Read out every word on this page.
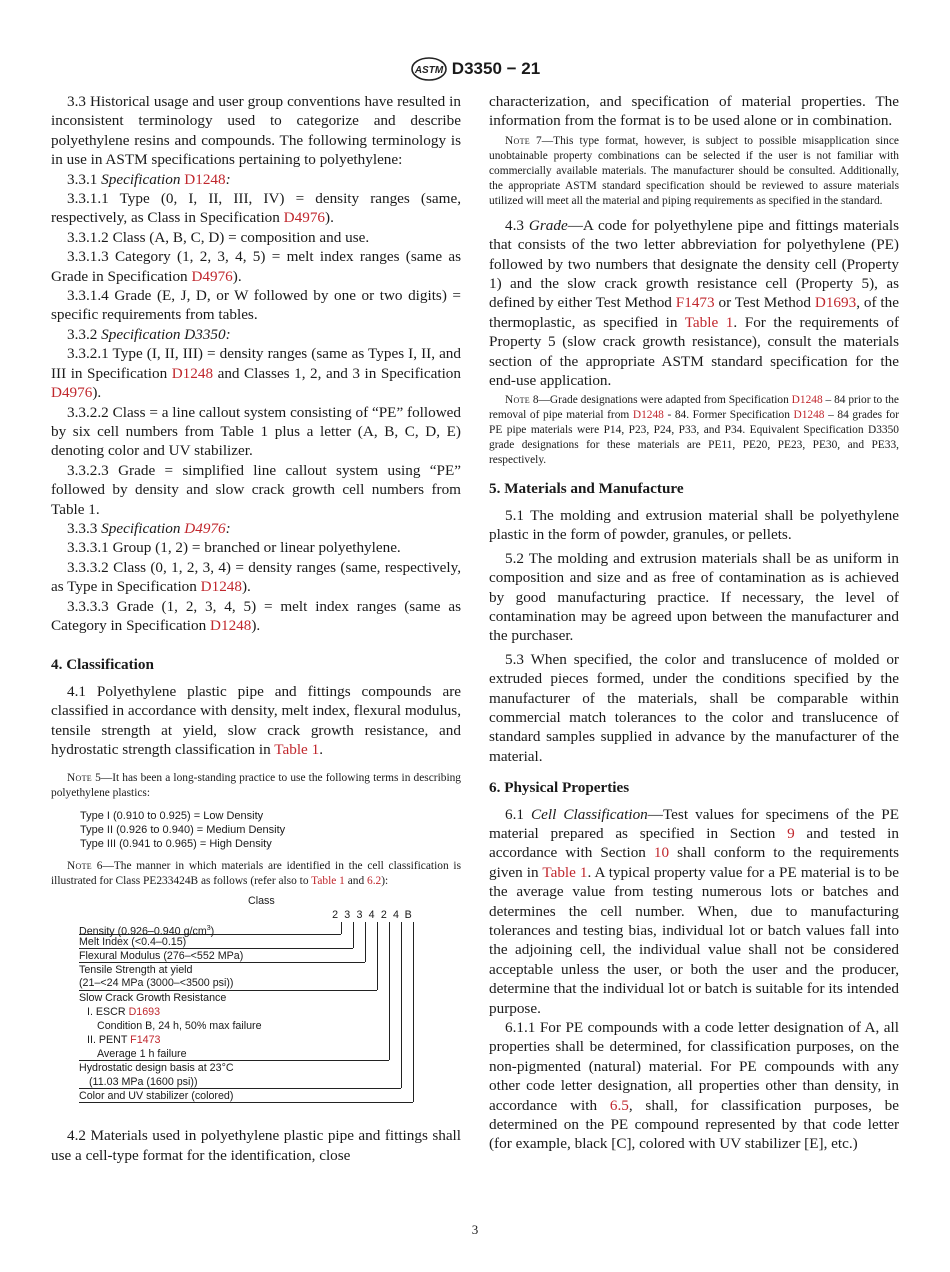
ASTM D3350 − 21

3.3 Historical usage and user group conventions have resulted in inconsistent terminology used to categorize and describe polyethylene resins and compounds. The following terminology is in use in ASTM specifications pertaining to polyethylene:

3.3.1 Specification D1248:

3.3.1.1 Type (0, I, II, III, IV) = density ranges (same, respectively, as Class in Specification D4976).

3.3.1.2 Class (A, B, C, D) = composition and use.

3.3.1.3 Category (1, 2, 3, 4, 5) = melt index ranges (same as Grade in Specification D4976).

3.3.1.4 Grade (E, J, D, or W followed by one or two digits) = specific requirements from tables.

3.3.2 Specification D3350:

3.3.2.1 Type (I, II, III) = density ranges (same as Types I, II, and III in Specification D1248 and Classes 1, 2, and 3 in Specification D4976).

3.3.2.2 Class = a line callout system consisting of “PE” followed by six cell numbers from Table 1 plus a letter (A, B, C, D, E) denoting color and UV stabilizer.

3.3.2.3 Grade = simplified line callout system using “PE” followed by density and slow crack growth cell numbers from Table 1.

3.3.3 Specification D4976:

3.3.3.1 Group (1, 2) = branched or linear polyethylene.

3.3.3.2 Class (0, 1, 2, 3, 4) = density ranges (same, respectively, as Type in Specification D1248).

3.3.3.3 Grade (1, 2, 3, 4, 5) = melt index ranges (same as Category in Specification D1248).

4. Classification

4.1 Polyethylene plastic pipe and fittings compounds are classified in accordance with density, melt index, flexural modulus, tensile strength at yield, slow crack growth resistance, and hydrostatic strength classification in Table 1.

Note 5—It has been a long-standing practice to use the following terms in describing polyethylene plastics:

Type I (0.910 to 0.925) = Low Density
Type II (0.926 to 0.940) = Medium Density
Type III (0.941 to 0.965) = High Density

Note 6—The manner in which materials are identified in the cell classification is illustrated for Class PE233424B as follows (refer also to Table 1 and 6.2):

Class
2 3 3 4 2 4 B
Density (0.926–0.940 $g/cm^3$)
Melt Index (<0.4–0.15)
Flexural Modulus (276–<552 MPa)
Tensile Strength at yield
(21–<24 MPa (3000–<3500 psi))
Slow Crack Growth Resistance
I. ESCR D1693
Condition B, 24 h, 50% max failure
II. PENT F1473
Average 1 h failure
Hydrostatic design basis at 23°C
(11.03 MPa (1600 psi))
Color and UV stabilizer (colored)

4.2 Materials used in polyethylene plastic pipe and fittings shall use a cell-type format for the identification, close

characterization, and specification of material properties. The information from the format is to be used alone or in combination.

Note 7—This type format, however, is subject to possible misapplication since unobtainable property combinations can be selected if the user is not familiar with commercially available materials. The manufacturer should be consulted. Additionally, the appropriate ASTM standard specification should be reviewed to assure materials utilized will meet all the material and piping requirements as specified in the standard.

4.3 Grade—A code for polyethylene pipe and fittings materials that consists of the two letter abbreviation for polyethylene (PE) followed by two numbers that designate the density cell (Property 1) and the slow crack growth resistance cell (Property 5), as defined by either Test Method F1473 or Test Method D1693, of the thermoplastic, as specified in Table 1. For the requirements of Property 5 (slow crack growth resistance), consult the materials section of the appropriate ASTM standard specification for the end-use application.

Note 8—Grade designations were adapted from Specification D1248 – 84 prior to the removal of pipe material from D1248 - 84. Former Specification D1248 – 84 grades for PE pipe materials were P14, P23, P24, P33, and P34. Equivalent Specification D3350 grade designations for these materials are PE11, PE20, PE23, PE30, and PE33, respectively.

5. Materials and Manufacture

5.1 The molding and extrusion material shall be polyethylene plastic in the form of powder, granules, or pellets.

5.2 The molding and extrusion materials shall be as uniform in composition and size and as free of contamination as is achieved by good manufacturing practice. If necessary, the level of contamination may be agreed upon between the manufacturer and the purchaser.

5.3 When specified, the color and translucence of molded or extruded pieces formed, under the conditions specified by the manufacturer of the materials, shall be comparable within commercial match tolerances to the color and translucence of standard samples supplied in advance by the manufacturer of the material.

6. Physical Properties

6.1 Cell Classification—Test values for specimens of the PE material prepared as specified in Section 9 and tested in accordance with Section 10 shall conform to the requirements given in Table 1. A typical property value for a PE material is to be the average value from testing numerous lots or batches and determines the cell number. When, due to manufacturing tolerances and testing bias, individual lot or batch values fall into the adjoining cell, the individual value shall not be considered acceptable unless the user, or both the user and the producer, determine that the individual lot or batch is suitable for its intended purpose.

6.1.1 For PE compounds with a code letter designation of A, all properties shall be determined, for classification purposes, on the non-pigmented (natural) material. For PE compounds with any other code letter designation, all properties other than density, in accordance with 6.5, shall, for classification purposes, be determined on the PE compound represented by that code letter (for example, black [C], colored with UV stabilizer [E], etc.)

3
